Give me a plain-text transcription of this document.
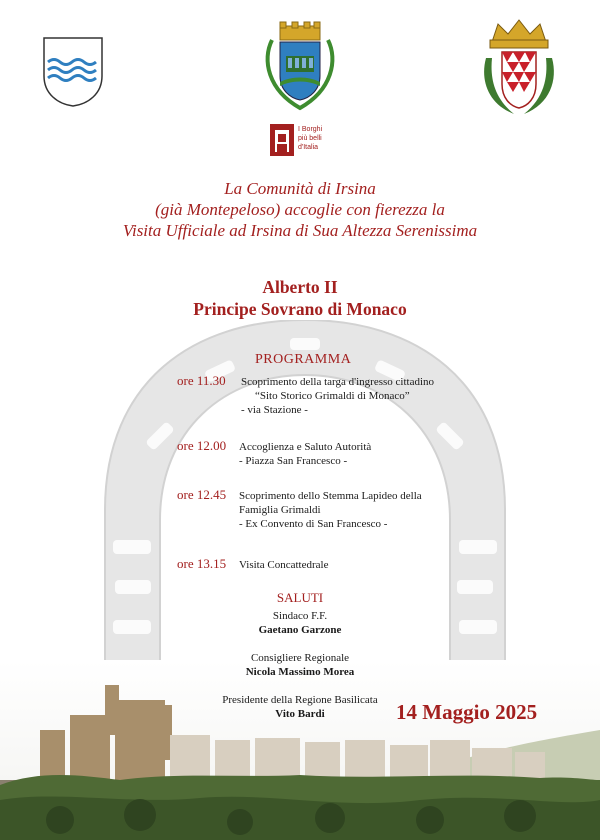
I Borghi
più belli
d'Italia
La Comunità di Irsina
(già Montepeloso) accoglie con fierezza la
Visita Ufficiale ad Irsina di Sua Altezza Serenissima
Alberto II
Principe Sovrano di Monaco
PROGRAMMA
ore 11.30 Scoprimento della targa d'ingresso cittadino
“Sito Storico Grimaldi di Monaco”
- via Stazione -
ore 12.00 Accoglienza e Saluto Autorità
- Piazza San Francesco -
ore 12.45 Scoprimento dello Stemma Lapideo della
Famiglia Grimaldi
- Ex Convento di San Francesco -
ore 13.15 Visita Concattedrale
SALUTI
Sindaco F.F.
Gaetano Garzone
Consigliere Regionale
Nicola Massimo Morea
Presidente della Regione Basilicata
Vito Bardi	14 Maggio 2025
